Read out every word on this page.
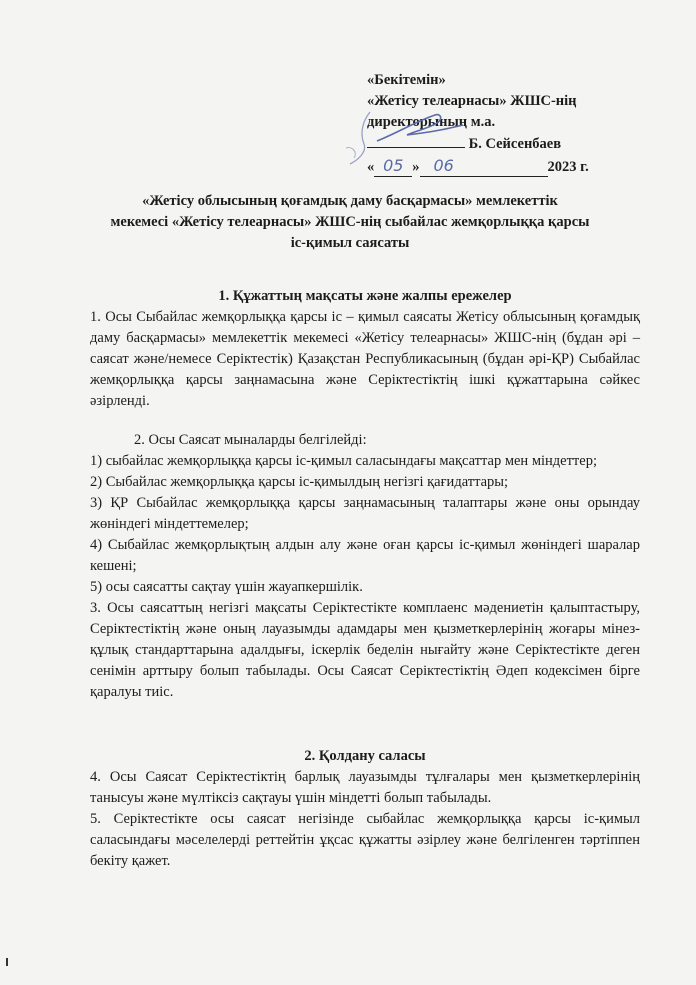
«Бекітемін»
«Жетісу телеарнасы» ЖШС-нің
директорының м.а.
Б. Сейсенбаев
« 05 » 06	2023 г.
«Жетісу облысының қоғамдық даму басқармасы» мемлекеттік
мекемесі «Жетісу телеарнасы» ЖШС-нің сыбайлас жемқорлыққа қарсы
іс-қимыл саясаты
1. Құжаттың мақсаты және жалпы ережелер

1. Осы Сыбайлас жемқорлыққа қарсы іс – қимыл саясаты Жетісу облысының қоғамдық даму басқармасы» мемлекеттік мекемесі «Жетісу телеарнасы» ЖШС-нің (бұдан әрі – саясат және/немесе Серіктестік) Қазақстан Республикасының (бұдан әрі-ҚР) Сыбайлас жемқорлыққа қарсы заңнамасына және Серіктестіктің ішкі құжаттарына сәйкес әзірленді.

2. Осы Саясат мыналарды белгілейді:

1) сыбайлас жемқорлыққа қарсы іс-қимыл саласындағы мақсаттар мен міндеттер;

2) Сыбайлас жемқорлыққа қарсы іс-қимылдың негізгі қағидаттары;

3) ҚР Сыбайлас жемқорлыққа қарсы заңнамасының талаптары және оны орындау жөніндегі міндеттемелер;

4) Сыбайлас жемқорлықтың алдын алу және оған қарсы іс-қимыл жөніндегі шаралар кешені;

5) осы саясатты сақтау үшін жауапкершілік.

3. Осы саясаттың негізгі мақсаты Серіктестікте комплаенс мәдениетін қалыптастыру, Серіктестіктің және оның лауазымды адамдары мен қызметкерлерінің жоғары мінез-құлық стандарттарына адалдығы, іскерлік беделін нығайту және Серіктестікте деген сенімін арттыру болып табылады. Осы Саясат Серіктестіктің Әдеп кодексімен бірге қаралуы тиіс.

2. Қолдану саласы

4. Осы Саясат Серіктестіктің барлық лауазымды тұлғалары мен қызметкерлерінің танысуы және мүлтіксіз сақтауы үшін міндетті болып табылады.

5. Серіктестікте осы саясат негізінде сыбайлас жемқорлыққа қарсы іс-қимыл саласындағы мәселелерді реттейтін ұқсас құжатты әзірлеу және белгіленген тәртіппен бекіту қажет.
